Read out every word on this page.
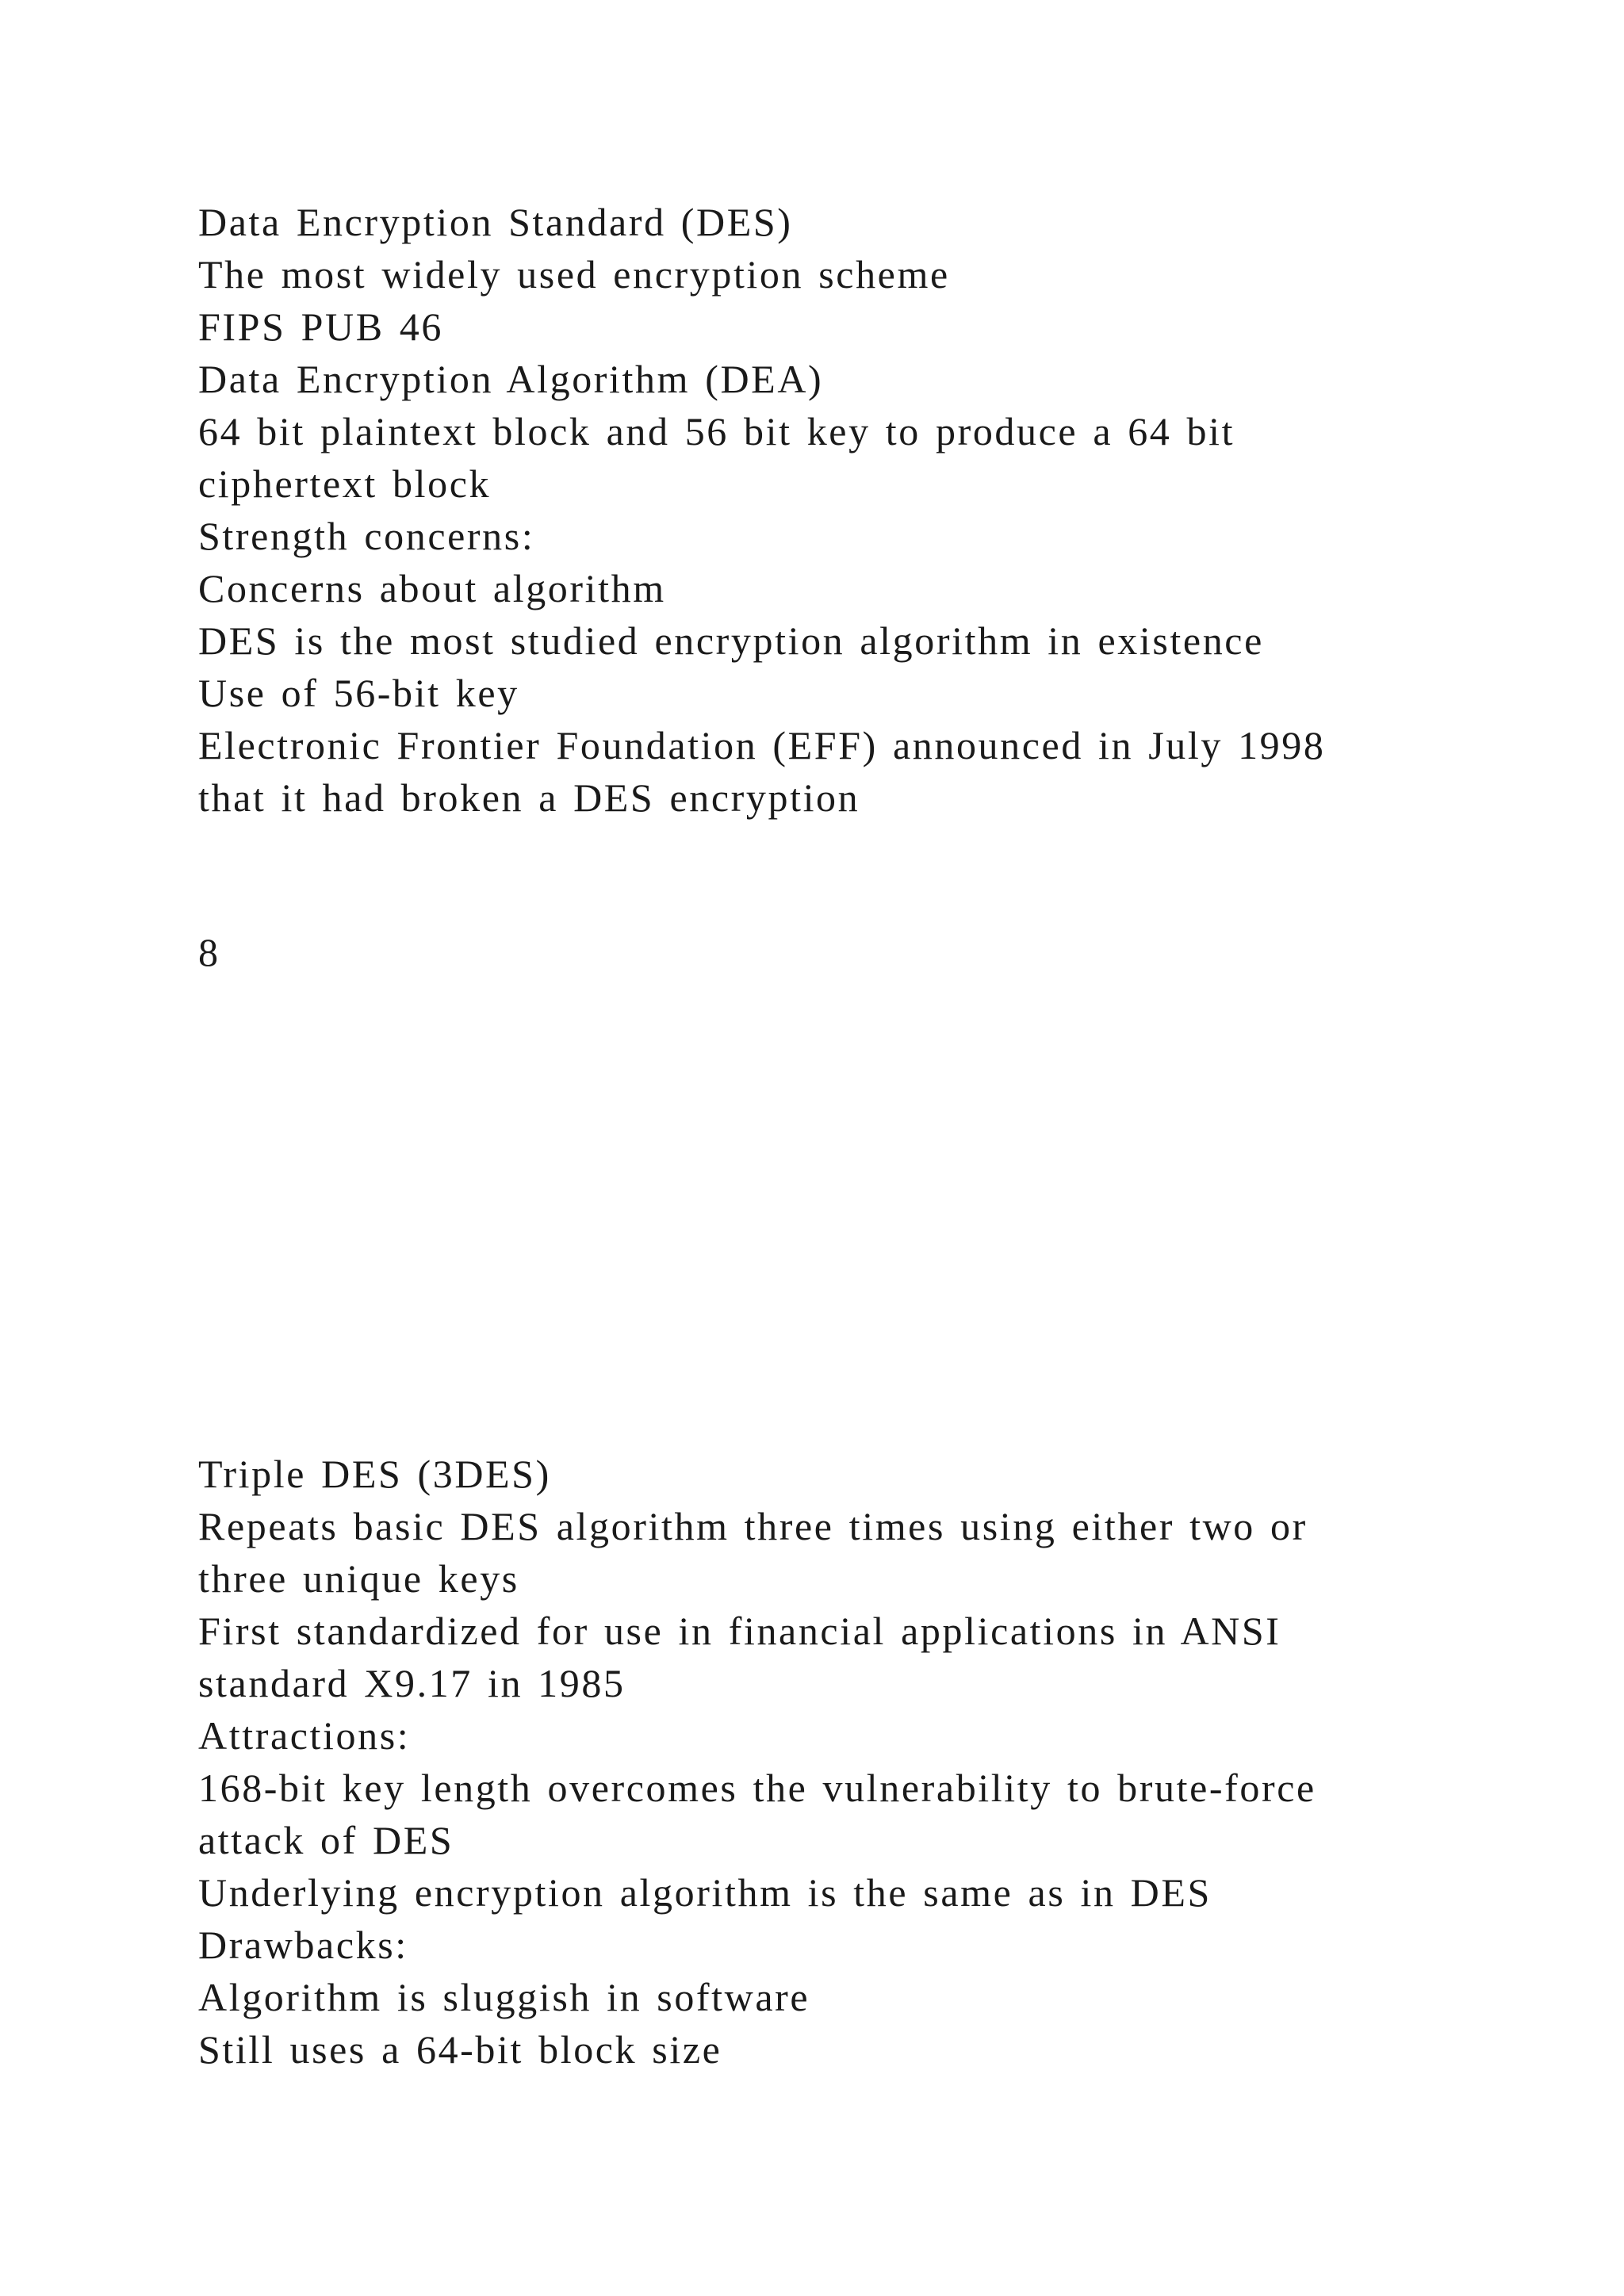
Data Encryption Standard (DES)
The most widely used encryption scheme
FIPS PUB 46
Data Encryption Algorithm (DEA)
64 bit plaintext block and 56 bit key to produce a 64 bit
ciphertext block
Strength concerns:
Concerns about algorithm
DES is the most studied encryption algorithm in existence
Use of 56-bit key
Electronic Frontier Foundation (EFF) announced in July 1998
that it had broken a DES encryption
8
Triple DES (3DES)
Repeats basic DES algorithm three times using either two or
three unique keys
First standardized for use in financial applications in ANSI
standard X9.17 in 1985
Attractions:
168-bit key length overcomes the vulnerability to brute-force
attack of DES
Underlying encryption algorithm is the same as in DES
Drawbacks:
Algorithm is sluggish in software
Still uses a 64-bit block size
